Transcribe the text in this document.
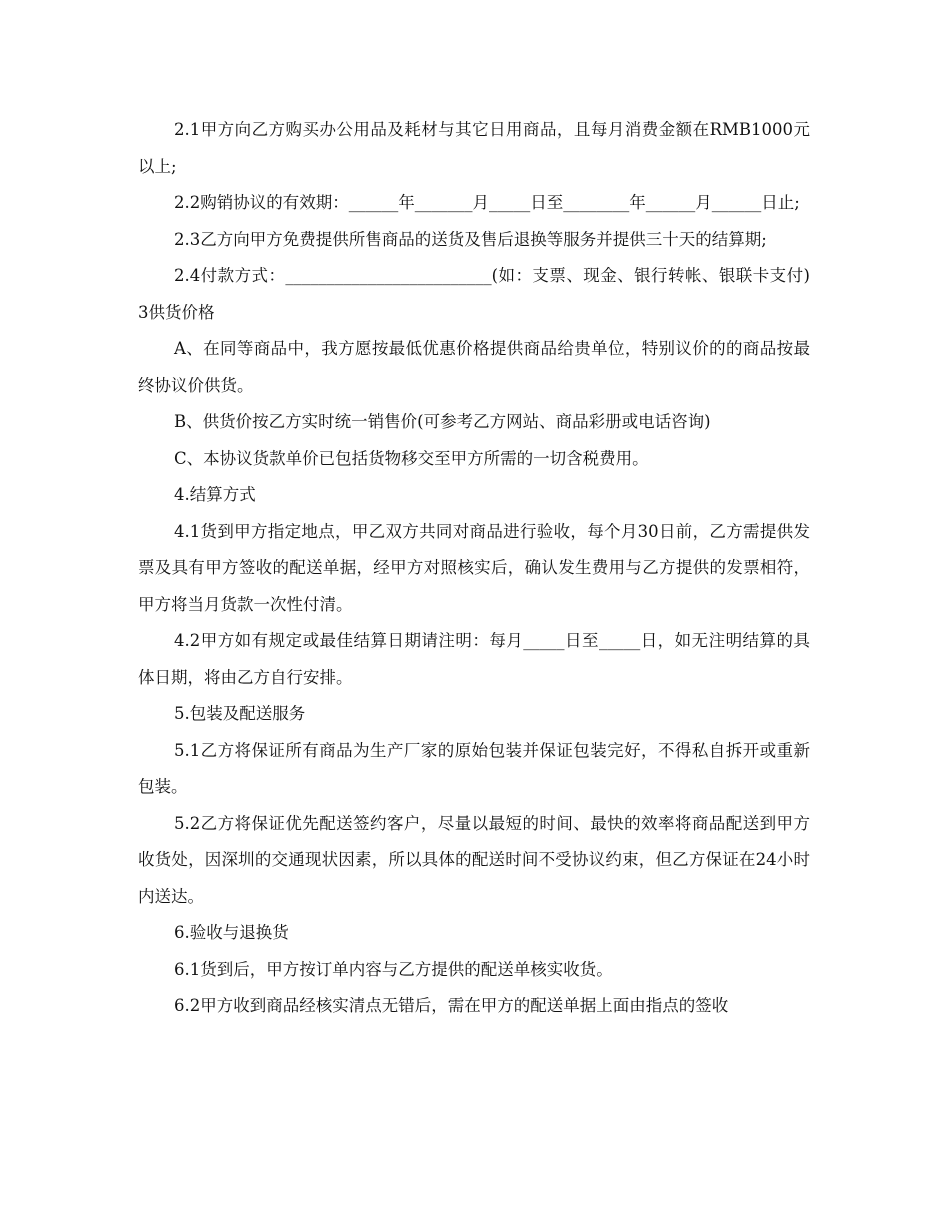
2.1甲方向乙方购买办公用品及耗材与其它日用商品，且每月消费金额在RMB1000元以上;

2.2购销协议的有效期：______年_______月_____日至________年______月______日止;

2.3乙方向甲方免费提供所售商品的送货及售后退换等服务并提供三十天的结算期;

2.4付款方式：_________________________(如：支票、现金、银行转帐、银联卡支付) 3供货价格

A、在同等商品中，我方愿按最低优惠价格提供商品给贵单位，特别议价的的商品按最终协议价供货。

B、供货价按乙方实时统一销售价(可参考乙方网站、商品彩册或电话咨询)

C、本协议货款单价已包括货物移交至甲方所需的一切含税费用。

4.结算方式

4.1货到甲方指定地点，甲乙双方共同对商品进行验收，每个月30日前，乙方需提供发票及具有甲方签收的配送单据，经甲方对照核实后，确认发生费用与乙方提供的发票相符，甲方将当月货款一次性付清。

4.2甲方如有规定或最佳结算日期请注明：每月_____日至_____日，如无注明结算的具体日期，将由乙方自行安排。

5.包装及配送服务

5.1乙方将保证所有商品为生产厂家的原始包装并保证包装完好，不得私自拆开或重新包装。

5.2乙方将保证优先配送签约客户，尽量以最短的时间、最快的效率将商品配送到甲方收货处，因深圳的交通现状因素，所以具体的配送时间不受协议约束，但乙方保证在24小时内送达。

6.验收与退换货

6.1货到后，甲方按订单内容与乙方提供的配送单核实收货。

6.2甲方收到商品经核实清点无错后，需在甲方的配送单据上面由指点的签收
